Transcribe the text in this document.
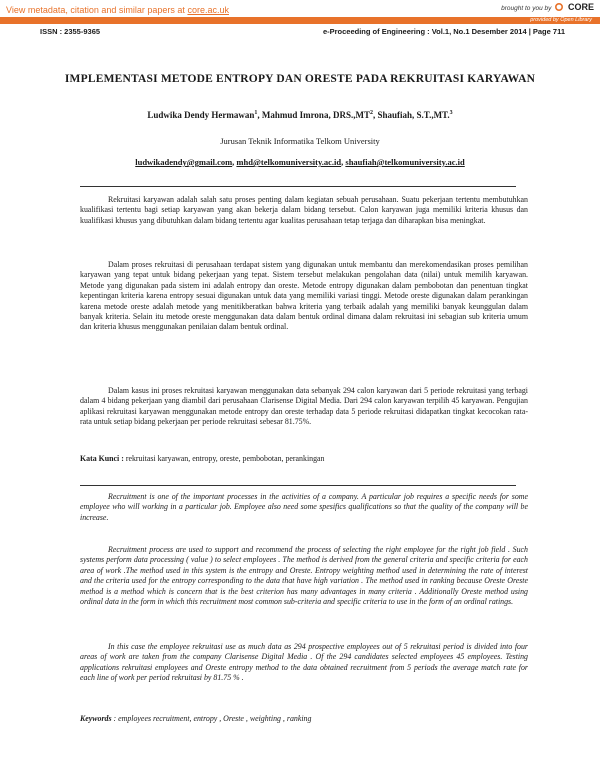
View metadata, citation and similar papers at core.ac.uk	brought to you by CORE
provided by Open Library
ISSN : 2355-9365	e-Proceeding of Engineering : Vol.1, No.1 Desember 2014 | Page 711
IMPLEMENTASI METODE ENTROPY DAN ORESTE PADA REKRUITASI KARYAWAN
Ludwika Dendy Hermawan$^1$, Mahmud Imrona, $DRS.,MT^2$, Shaufiah, S.T.,MT.$^3$
Jurusan Teknik Informatika Telkom University
ludwikadendy@gmail.com, mhd@telkomuniversity.ac.id, shaufiah@telkomuniversity.ac.id

Rekruitasi karyawan adalah salah satu proses penting dalam kegiatan sebuah perusahaan. Suatu pekerjaan tertentu membutuhkan kualifikasi tertentu bagi setiap karyawan yang akan bekerja dalam bidang tersebut. Calon karyawan juga memiliki kriteria khusus dan kualifikasi khusus yang dibutuhkan dalam bidang tertentu agar kualitas perusahaan tetap terjaga dan diharapkan bisa meningkat.

Dalam proses rekruitasi di perusahaan terdapat sistem yang digunakan untuk membantu dan merekomendasikan proses pemilihan karyawan yang tepat untuk bidang pekerjaan yang tepat. Sistem tersebut melakukan pengolahan data (nilai) untuk memilih karyawan. Metode yang digunakan pada sistem ini adalah entropy dan oreste. Metode entropy digunakan dalam pembobotan dan penentuan tingkat kepentingan kriteria karena entropy sesuai digunakan untuk data yang memiliki variasi tinggi. Metode oreste digunakan dalam perankingan karena metode oreste adalah metode yang menitikberatkan bahwa kriteria yang terbaik adalah yang memiliki banyak keunggulan dalam banyak kriteria. Selain itu metode oreste menggunakan data dalam bentuk ordinal dimana dalam rekruitasi ini sebagian sub kriteria umum dan kriteria khusus menggunakan penilaian dalam bentuk ordinal.

Dalam kasus ini proses rekruitasi karyawan menggunakan data sebanyak 294 calon karyawan dari 5 periode rekruitasi yang terbagi dalam 4 bidang pekerjaan yang diambil dari perusahaan Clarisense Digital Media. Dari 294 calon karyawan terpilih 45 karyawan. Pengujian aplikasi rekruitasi karyawan menggunakan metode entropy dan oreste terhadap data 5 periode rekruitasi didapatkan tingkat kecocokan rata-rata untuk setiap bidang pekerjaan per periode rekruitasi sebesar 81.75%.

Kata Kunci : rekruitasi karyawan, entropy, oreste, pembobotan, perankingan

Recruitment is one of the important processes in the activities of a company. A particular job requires a specific needs for some employee who will working in a particular job. Employee also need some spesifics qualifications so that the quality of the company will be increase.

Recruitment process are used to support and recommend the process of selecting the right employee for the right job field . Such systems perform data processing ( value ) to select employees . The method is derived from the general criteria and specific criteria for each area of work .The method used in this system is the entropy and Oreste. Entropy weighting method used in determining the rate of interest and the criteria used for the entropy corresponding to the data that have high variation . The method used in ranking because Oreste Oreste method is a method which is concern that is the best criterion has many advantages in many criteria . Additionally Oreste method using ordinal data in the form in which this recruitment most common sub-criteria and specific criteria to use in the form of an ordinal ratings.

In this case the employee rekruitasi use as much data as 294 prospective employees out of 5 rekruitasi period is divided into four areas of work are taken from the company Clarisense Digital Media . Of the 294 candidates selected employees 45 employees. Testing applications rekruitasi employees and Oreste entropy method to the data obtained recruitment from 5 periods the average match rate for each line of work per period rekruitasi by 81.75 % .

Keywords : employees recruitment, entropy , Oreste , weighting , ranking
